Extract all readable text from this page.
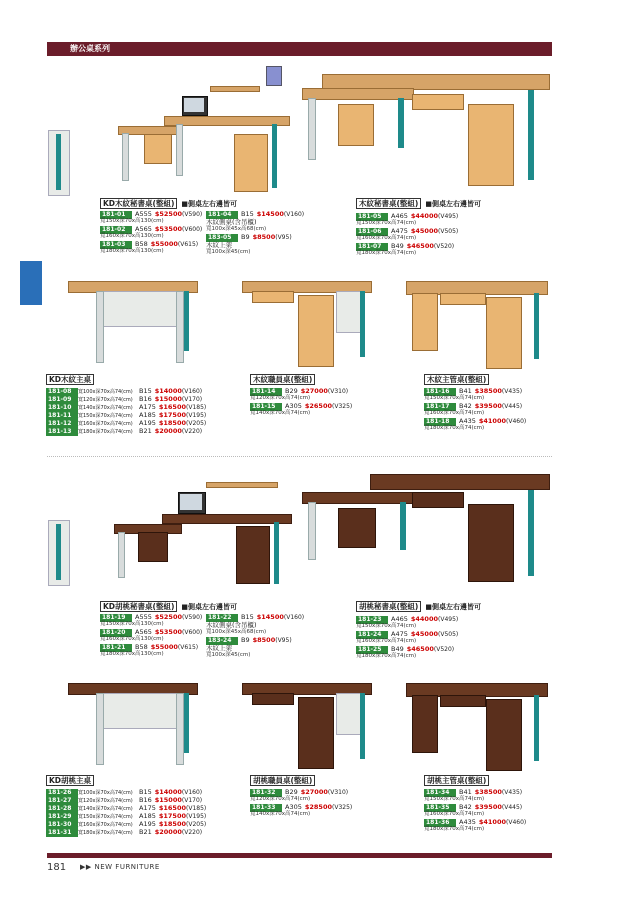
辦公桌系列
KD木紋秘書桌(整組) ■側桌左右邊皆可
181-01 A555 $52500(V590)
寬150x深70x高130(cm)
181-02 A565 $53500(V600)
寬160x深70x高130(cm)
181-03 B58 $55000(V615)
寬180x深70x高130(cm)
181-04 B15 $14500(V160)
木紋側桌(含吊櫃)
寬100x深45x高68(cm)
183-05 B9 $8500(V95)
木紋上架
寬100x深45(cm)
木紋秘書桌(整組) ■側桌左右邊皆可
181-05 A465 $44000(V495)
寬150x深70x高74(cm)
181-06 A475 $45000(V505)
寬160x深70x高74(cm)
181-07 B49 $46500(V520)
寬180x深70x高74(cm)
KD木紋主桌
181-08 寬100x深70x高74(cm) B15 $14000(V160)
181-09 寬120x深70x高74(cm) B16 $15000(V170)
181-10 寬140x深70x高74(cm) A175 $16500(V185)
181-11 寬150x深70x高74(cm) A185 $17500(V195)
181-12 寬160x深70x高74(cm) A195 $18500(V205)
181-13 寬180x深70x高74(cm) B21 $20000(V220)
木紋職員桌(整組)
181-14 B29 $27000(V310)
寬120x深70x高74(cm)
181-15 A305 $26500(V325)
寬140x深70x高74(cm)
木紋主管桌(整組)
181-16 B41 $38500(V435)
寬150x深70x高74(cm)
181-17 B42 $39500(V445)
寬160x深70x高74(cm)
181-18 A435 $41000(V460)
寬180x深70x高74(cm)
KD胡桃秘書桌(整組) ■側桌左右邊皆可
181-19 A555 $52500(V590)
寬150x深70x高130(cm)
181-20 A565 $53500(V600)
寬160x深70x高130(cm)
181-21 B58 $55000(V615)
寬180x深70x高130(cm)
181-22 B15 $14500(V160)
木紋側桌(含吊櫃)
寬100x深45x高68(cm)
183-24 B9 $8500(V95)
木紋上架
寬100x深45(cm)
胡桃秘書桌(整組) ■側桌左右邊皆可
181-23 A465 $44000(V495)
寬150x深70x高74(cm)
181-24 A475 $45000(V505)
寬160x深70x高74(cm)
181-25 B49 $46500(V520)
寬180x深70x高74(cm)
KD胡桃主桌
181-26 寬100x深70x高74(cm) B15 $14000(V160)
181-27 寬120x深70x高74(cm) B16 $15000(V170)
181-28 寬140x深70x高74(cm) A175 $16500(V185)
181-29 寬150x深70x高74(cm) A185 $17500(V195)
181-30 寬160x深70x高74(cm) A195 $18500(V205)
181-31 寬180x深70x高74(cm) B21 $20000(V220)
胡桃職員桌(整組)
181-32 B29 $27000(V310)
寬120x深70x高74(cm)
181-33 A305 $28500(V325)
寬140x深70x高74(cm)
胡桃主管桌(整組)
181-34 B41 $38500(V435)
寬150x深70x高74(cm)
181-35 B42 $39500(V445)
寬160x深70x高74(cm)
181-36 A435 $41000(V460)
寬180x深70x高74(cm)
181 ▶▶ NEW FURNITURE
